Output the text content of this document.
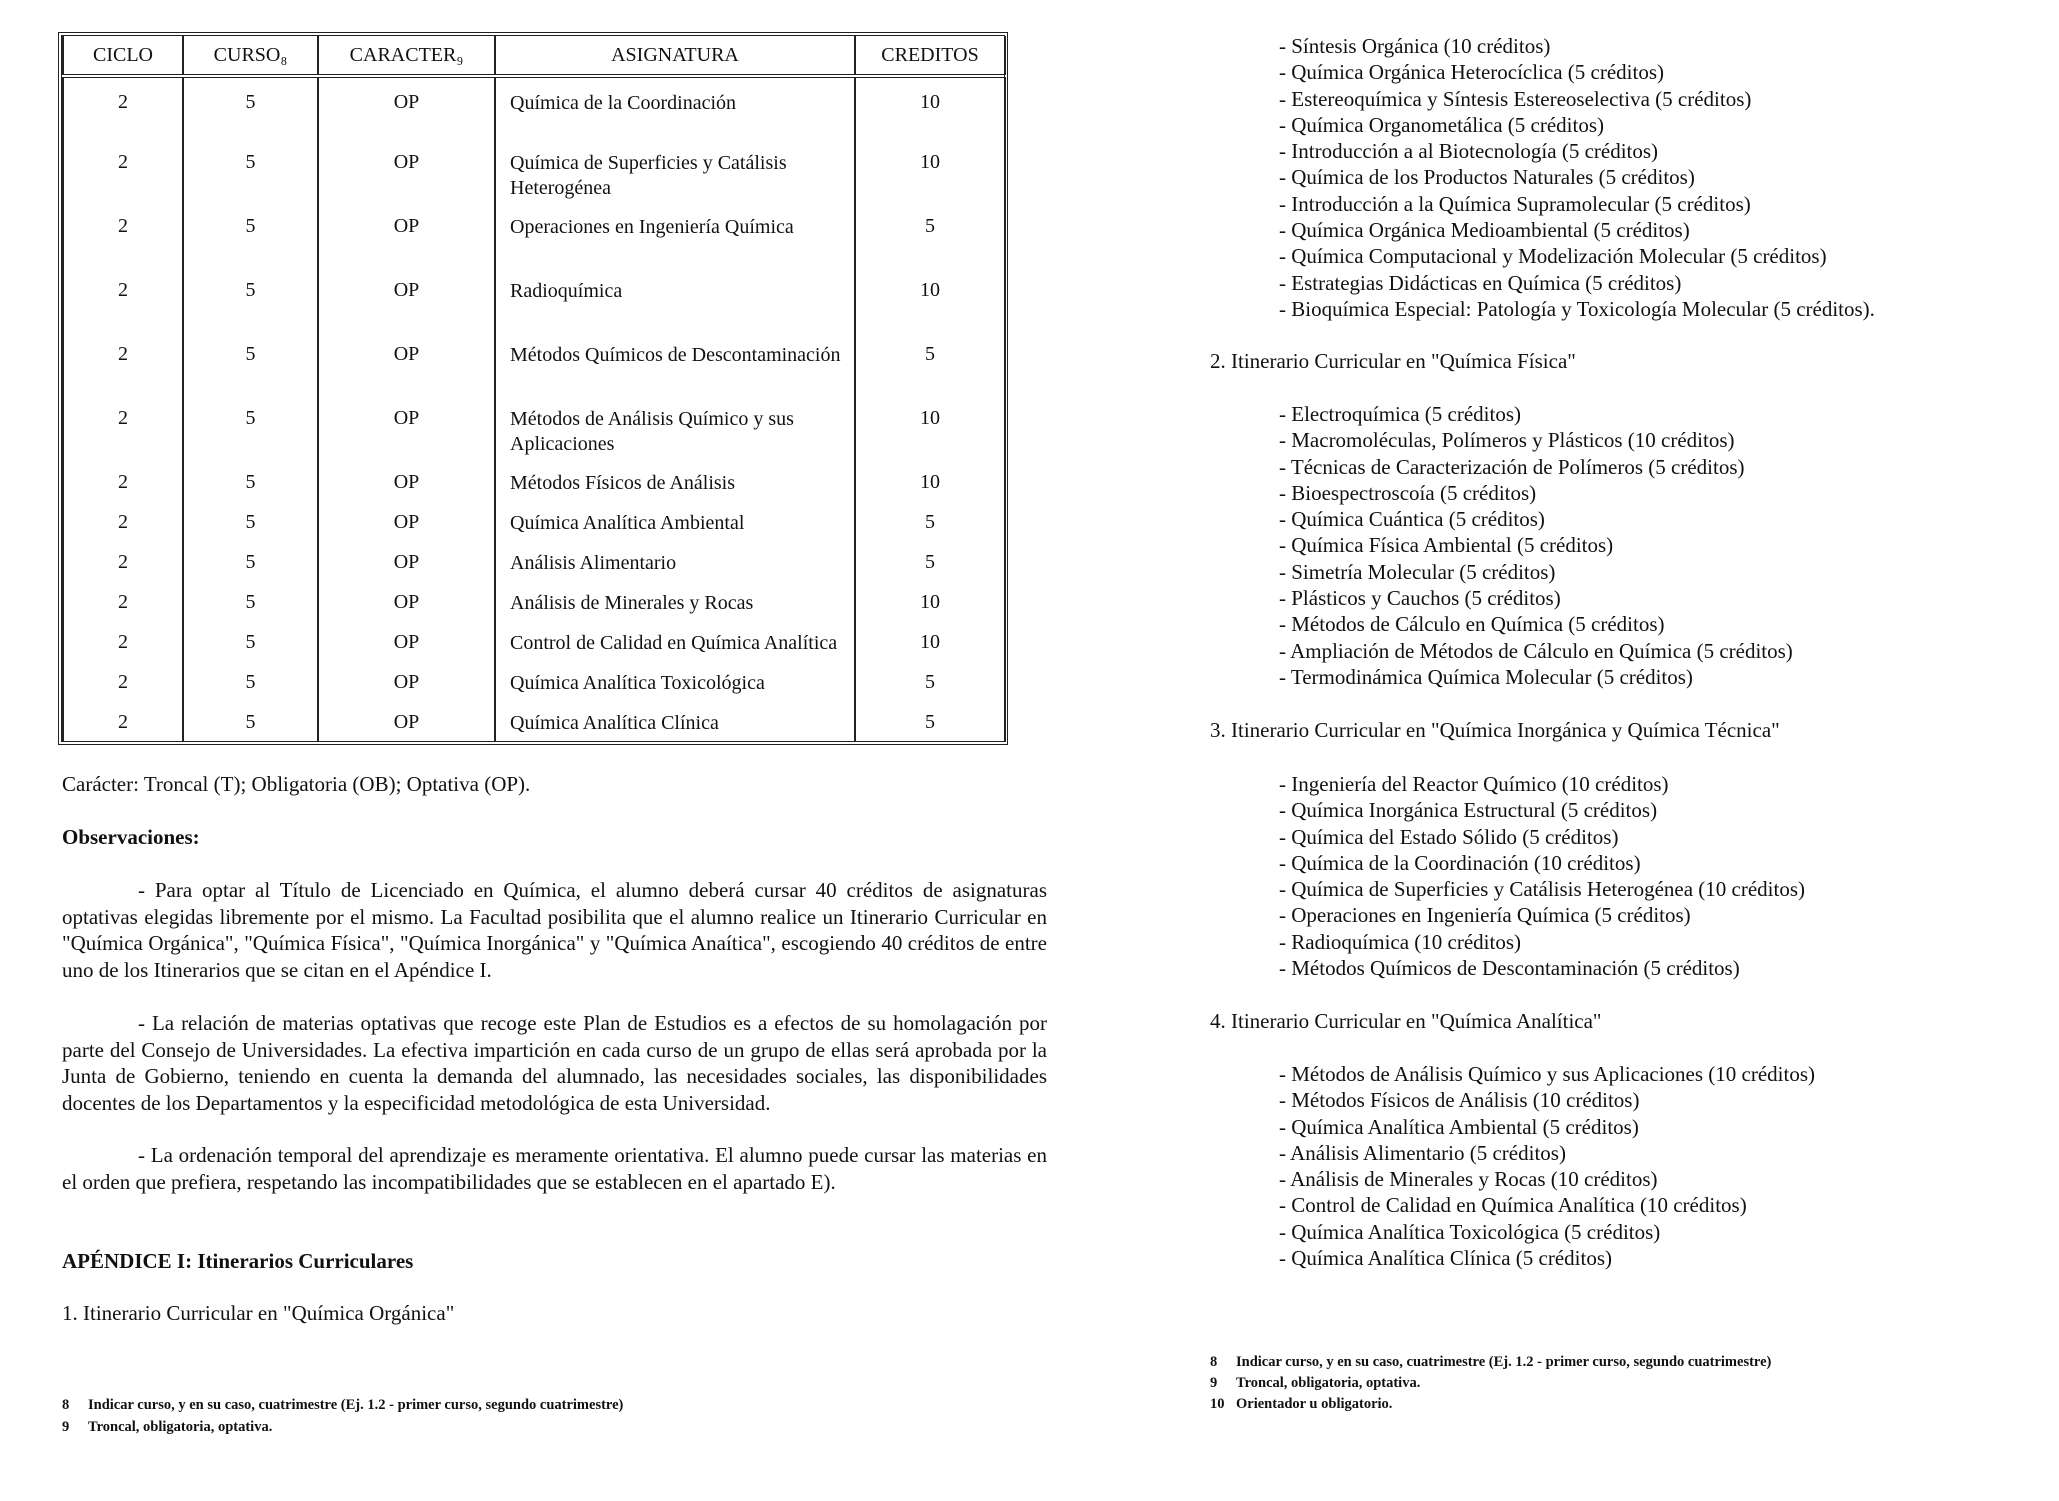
CICLO	CURSO₈	CARACTER₉	ASIGNATURA	CREDITOS

2	5	OP	Química de la Coordinación	10

2	5	OP	Química de Superficies y Catálisis Heterogénea	10

2	5	OP	Operaciones en Ingeniería Química	5

2	5	OP	Radioquímica	10

2	5	OP	Métodos Químicos de Descontaminación	5

2	5	OP	Métodos de Análisis Químico y sus Aplicaciones	10

2	5	OP	Métodos Físicos de Análisis	10

2	5	OP	Química Analítica Ambiental	5

2	5	OP	Análisis Alimentario	5

2	5	OP	Análisis de Minerales y Rocas	10

2	5	OP	Control de Calidad en Química Analítica	10

2	5	OP	Química Analítica Toxicológica	5

2	5	OP	Química Analítica Clínica	5
Carácter: Troncal (T); Obligatoria (OB); Optativa (OP).
Observaciones:
- Para optar al Título de Licenciado en Química, el alumno deberá cursar 40 créditos de asignaturas optativas elegidas libremente por el mismo. La Facultad posibilita que el alumno realice un Itinerario Curricular en "Química Orgánica", "Química Física", "Química Inorgánica" y "Química Anaítica", escogiendo 40 créditos de entre uno de los Itinerarios que se citan en el Apéndice I.
- La relación de materias optativas que recoge este Plan de Estudios es a efectos de su homolagación por parte del Consejo de Universidades. La efectiva impartición en cada curso de un grupo de ellas será aprobada por la Junta de Gobierno, teniendo en cuenta la demanda del alumnado, las necesidades sociales, las disponibilidades docentes de los Departamentos y la especificidad metodológica de esta Universidad.
- La ordenación temporal del aprendizaje es meramente orientativa. El alumno puede cursar las materias en el orden que prefiera, respetando las incompatibilidades que se establecen en el apartado E).
APÉNDICE I: Itinerarios Curriculares
1. Itinerario Curricular en "Química Orgánica"
8 Indicar curso, y en su caso, cuatrimestre (Ej. 1.2 - primer curso, segundo cuatrimestre)
9 Troncal, obligatoria, optativa.
- Síntesis Orgánica (10 créditos)
- Química Orgánica Heterocíclica (5 créditos)
- Estereoquímica y Síntesis Estereoselectiva (5 créditos)
- Química Organometálica (5 créditos)
- Introducción a al Biotecnología (5 créditos)
- Química de los Productos Naturales (5 créditos)
- Introducción a la Química Supramolecular (5 créditos)
- Química Orgánica Medioambiental (5 créditos)
- Química Computacional y Modelización Molecular (5 créditos)
- Estrategias Didácticas en Química (5 créditos)
- Bioquímica Especial: Patología y Toxicología Molecular (5 créditos).
2. Itinerario Curricular en "Química Física"
- Electroquímica (5 créditos)
- Macromoléculas, Polímeros y Plásticos (10 créditos)
- Técnicas de Caracterización de Polímeros (5 créditos)
- Bioespectroscoía (5 créditos)
- Química Cuántica (5 créditos)
- Química Física Ambiental (5 créditos)
- Simetría Molecular (5 créditos)
- Plásticos y Cauchos (5 créditos)
- Métodos de Cálculo en Química (5 créditos)
- Ampliación de Métodos de Cálculo en Química (5 créditos)
- Termodinámica Química Molecular (5 créditos)
3. Itinerario Curricular en "Química Inorgánica y Química Técnica"
- Ingeniería del Reactor Químico (10 créditos)
- Química Inorgánica Estructural (5 créditos)
- Química del Estado Sólido (5 créditos)
- Química de la Coordinación (10 créditos)
- Química de Superficies y Catálisis Heterogénea (10 créditos)
- Operaciones en Ingeniería Química (5 créditos)
- Radioquímica (10 créditos)
- Métodos Químicos de Descontaminación (5 créditos)
4. Itinerario Curricular en "Química Analítica"
- Métodos de Análisis Químico y sus Aplicaciones (10 créditos)
- Métodos Físicos de Análisis (10 créditos)
- Química Analítica Ambiental (5 créditos)
- Análisis Alimentario (5 créditos)
- Análisis de Minerales y Rocas (10 créditos)
- Control de Calidad en Química Analítica (10 créditos)
- Química Analítica Toxicológica (5 créditos)
- Química Analítica Clínica (5 créditos)
8 Indicar curso, y en su caso, cuatrimestre (Ej. 1.2 - primer curso, segundo cuatrimestre)
9 Troncal, obligatoria, optativa.
10 Orientador u obligatorio.
